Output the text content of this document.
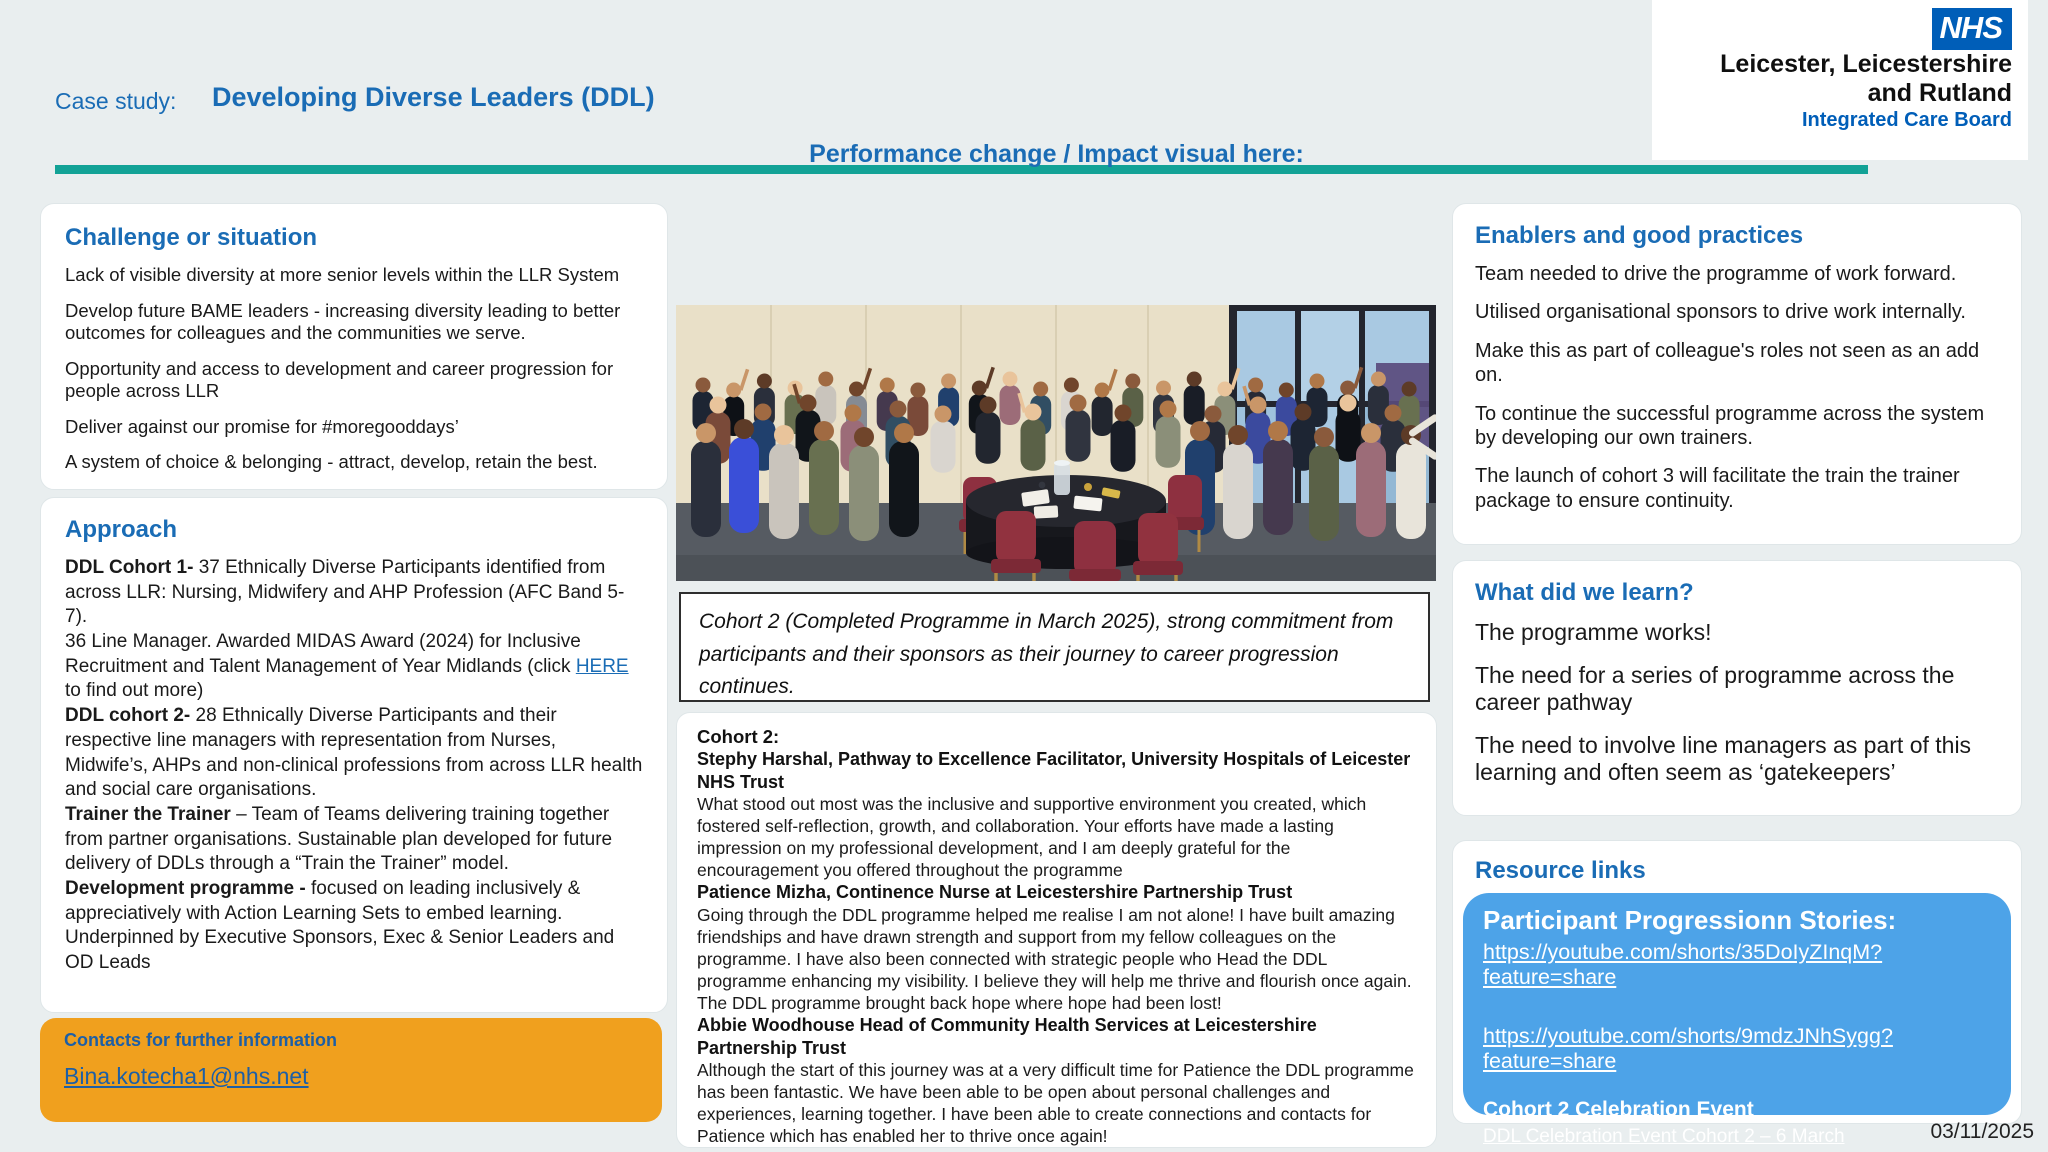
Case study: Developing Diverse Leaders (DDL)
NHS
Leicester, Leicestershire
and Rutland
Integrated Care Board
Challenge or situation

Lack of visible diversity at more senior levels within the LLR System

Develop future BAME leaders - increasing diversity leading to better outcomes for colleagues and the communities we serve.

Opportunity and access to development and career progression for people across LLR

Deliver against our promise for #moregooddays’

A system of choice & belonging - attract, develop, retain the best.

Approach

DDL Cohort 1- 37 Ethnically Diverse Participants identified from across LLR: Nursing, Midwifery and AHP Profession (AFC Band 5-7).

36 Line Manager. Awarded MIDAS Award (2024) for Inclusive Recruitment and Talent Management of Year Midlands (click HERE to find out more)

DDL cohort 2- 28 Ethnically Diverse Participants and their respective line managers with representation from Nurses, Midwife’s, AHPs and non-clinical professions from across LLR health and social care organisations.

Trainer the Trainer – Team of Teams delivering training together from partner organisations. Sustainable plan developed for future delivery of DDLs through a “Train the Trainer” model.

Development programme - focused on leading inclusively & appreciatively with Action Learning Sets to embed learning. Underpinned by Executive Sponsors, Exec & Senior Leaders and OD Leads

Contacts for further information
Bina.kotecha1@nhs.net
Performance change / Impact visual here:
Cohort 2 (Completed Programme in March 2025), strong commitment from participants and their sponsors as their journey to career progression continues.
Cohort 2:
Stephy Harshal, Pathway to Excellence Facilitator, University Hospitals of Leicester NHS Trust
What stood out most was the inclusive and supportive environment you created, which fostered self-reflection, growth, and collaboration. Your efforts have made a lasting impression on my professional development, and I am deeply grateful for the encouragement you offered throughout the programme
Patience Mizha, Continence Nurse at Leicestershire Partnership Trust
Going through the DDL programme helped me realise I am not alone! I have built amazing friendships and have drawn strength and support from my fellow colleagues on the programme. I have also been connected with strategic people who Head the DDL programme enhancing my visibility. I believe they will help me thrive and flourish once again. The DDL programme brought back hope where hope had been lost!
Abbie Woodhouse Head of Community Health Services at Leicestershire Partnership Trust
Although the start of this journey was at a very difficult time for Patience the DDL programme has been fantastic. We have been able to be open about personal challenges and experiences, learning together. I have been able to create connections and contacts for Patience which has enabled her to thrive once again!
Enablers and good practices

Team needed to drive the programme of work forward.

Utilised organisational sponsors to drive work internally.

Make this as part of colleague's roles not seen as an add on.

To continue the successful programme across the system by developing our own trainers.

The launch of cohort 3 will facilitate the train the trainer package to ensure continuity.

What did we learn?

The programme works!

The need for a series of programme across the career pathway

The need to involve line managers as part of this learning and often seem as ‘gatekeepers’

Resource links
Participant Progressionn Stories:
https://youtube.com/shorts/35DoIyZInqM?feature=share
https://youtube.com/shorts/9mdzJNhSygg?feature=share
Cohort 2 Celebration Event
DDL Celebration Event Cohort 2 – 6 March	03/11/2025
